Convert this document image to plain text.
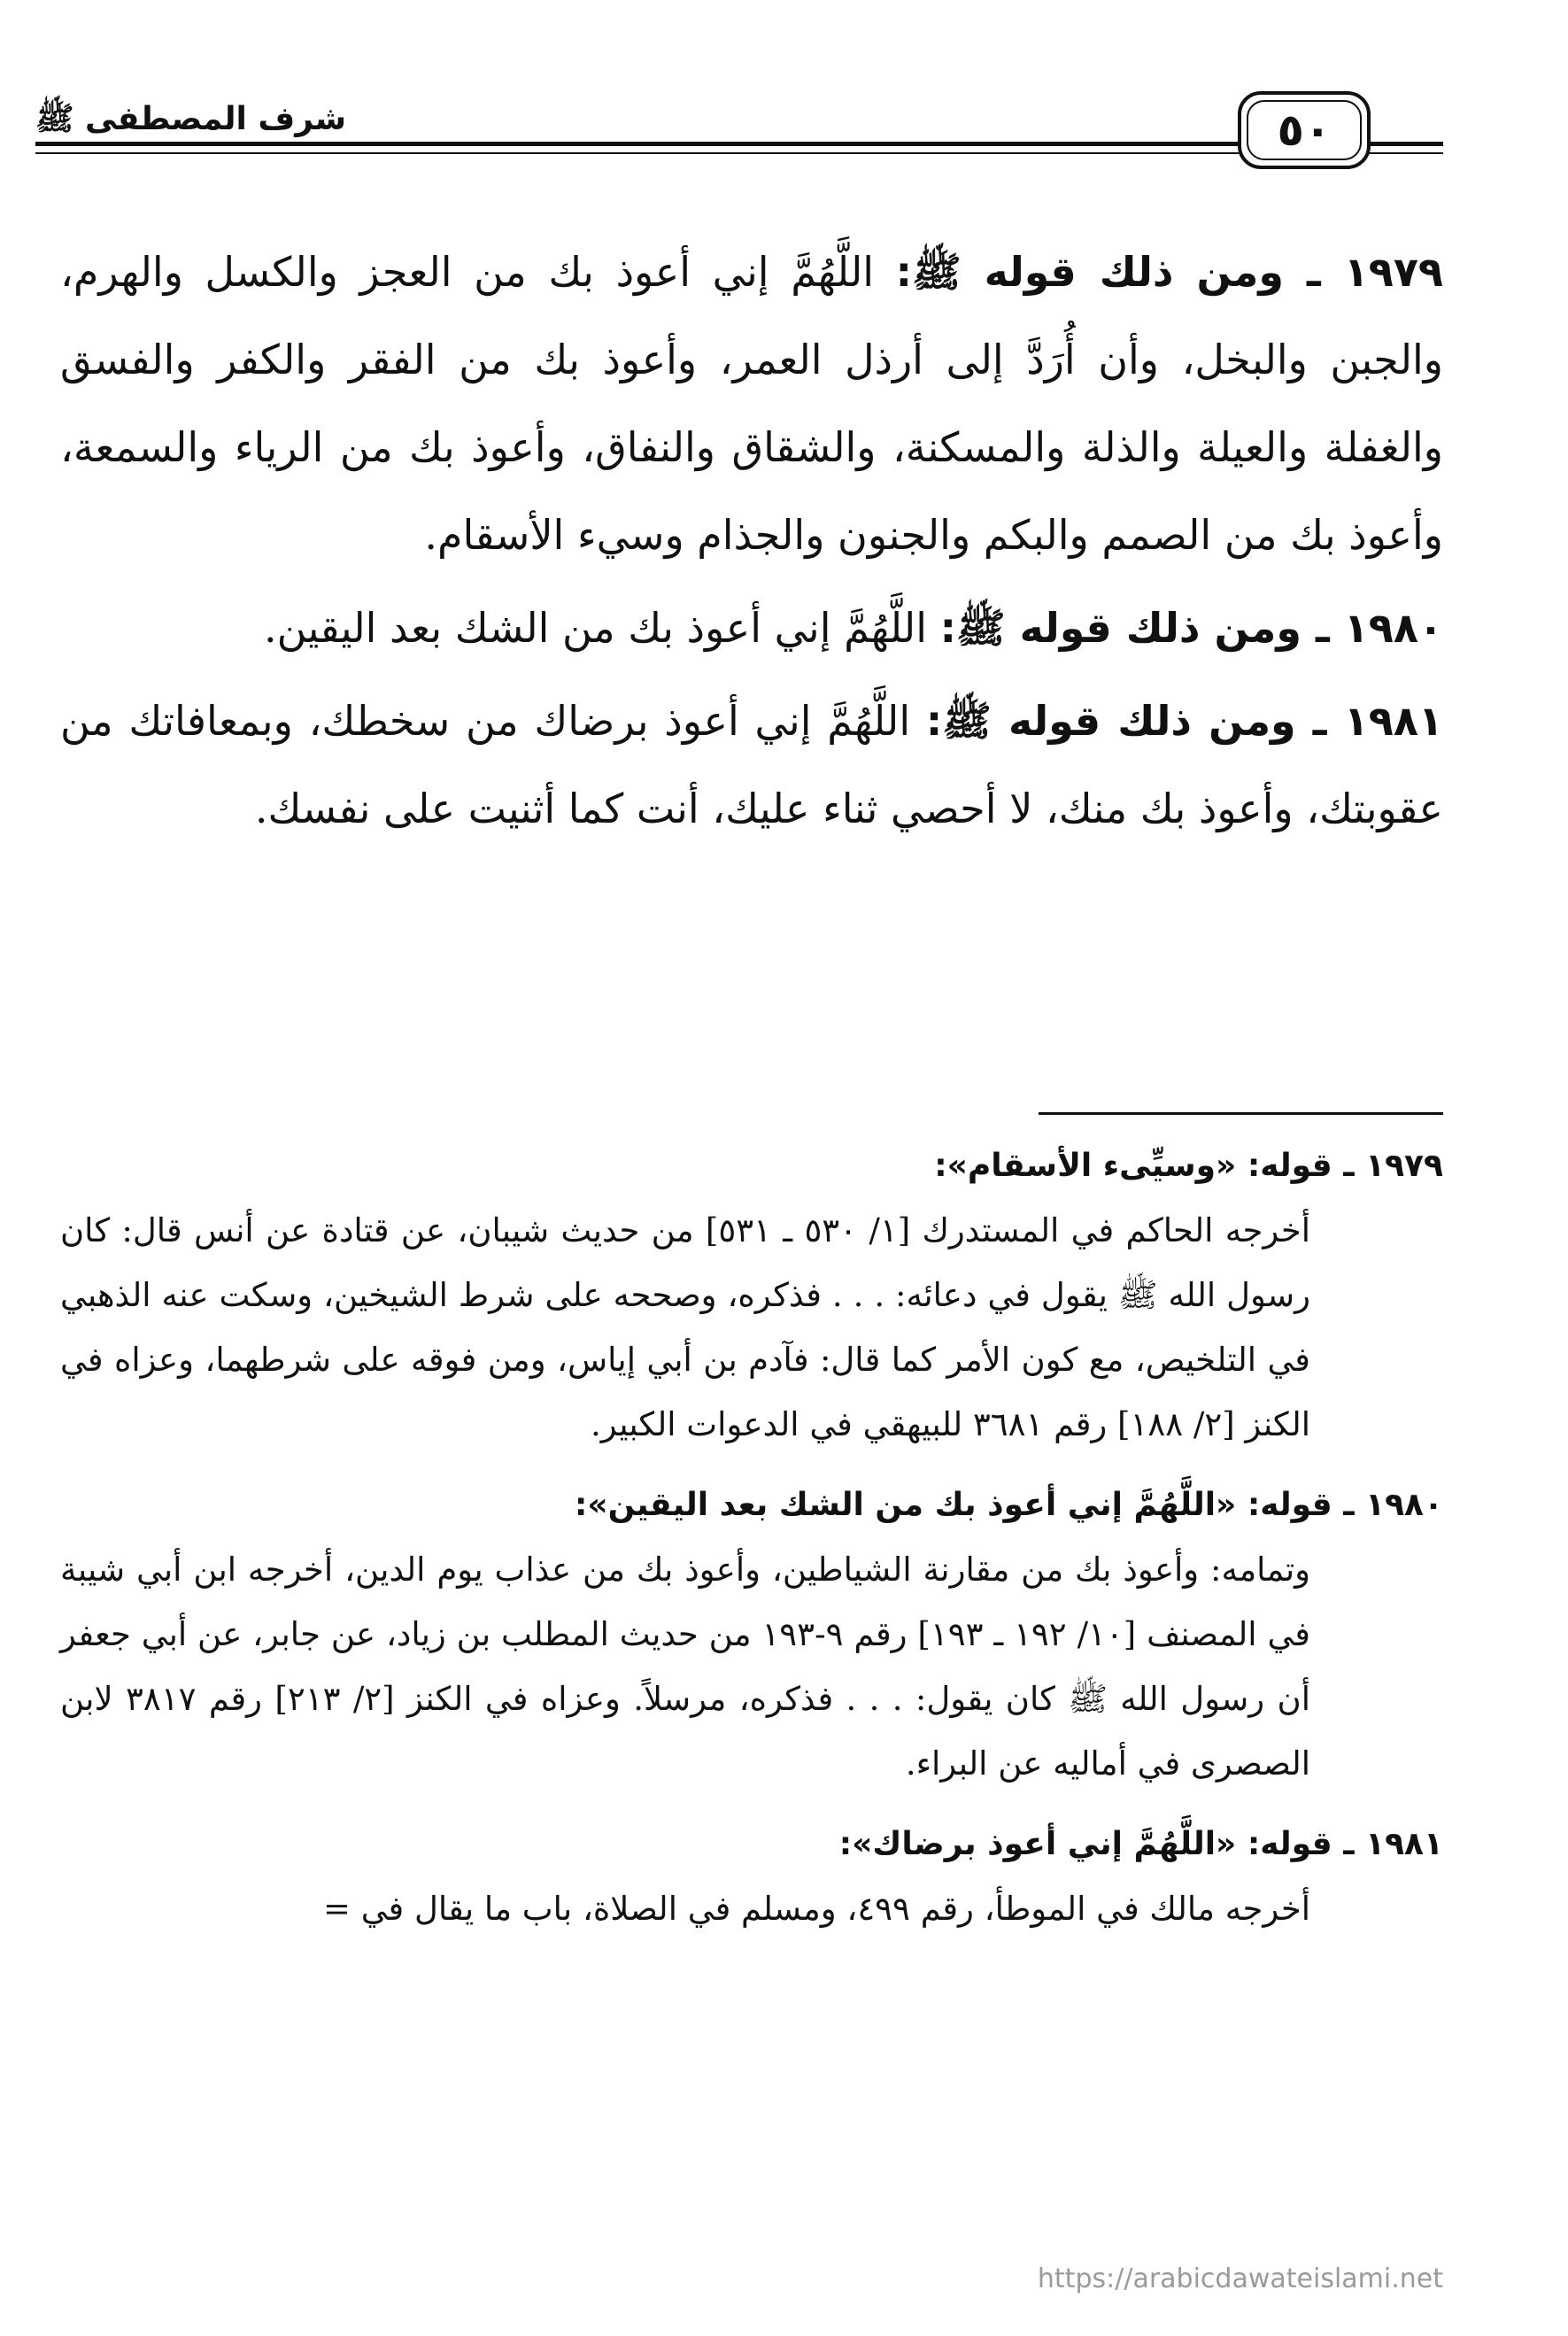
شرف المصطفى ﷺ	٥٠

١٩٧٩ ـ ومن ذلك قوله ﷺ: اللَّهُمَّ إني أعوذ بك من العجز والكسل والهرم، والجبن والبخل، وأن أُرَدَّ إلى أرذل العمر، وأعوذ بك من الفقر والكفر والفسق والغفلة والعيلة والذلة والمسكنة، والشقاق والنفاق، وأعوذ بك من الرياء والسمعة، وأعوذ بك من الصمم والبكم والجنون والجذام وسيء الأسقام.

١٩٨٠ ـ ومن ذلك قوله ﷺ: اللَّهُمَّ إني أعوذ بك من الشك بعد اليقين.

١٩٨١ ـ ومن ذلك قوله ﷺ: اللَّهُمَّ إني أعوذ برضاك من سخطك، وبمعافاتك من عقوبتك، وأعوذ بك منك، لا أحصي ثناء عليك، أنت كما أثنيت على نفسك.

١٩٧٩ ـ قوله: «وسيِّىء الأسقام»:
أخرجه الحاكم في المستدرك [١/ ٥٣٠ ـ ٥٣١] من حديث شيبان، عن قتادة عن أنس قال: كان رسول الله ﷺ يقول في دعائه: . . . فذكره، وصححه على شرط الشيخين، وسكت عنه الذهبي في التلخيص، مع كون الأمر كما قال: فآدم بن أبي إياس، ومن فوقه على شرطهما، وعزاه في الكنز [٢/ ١٨٨] رقم ٣٦٨١ للبيهقي في الدعوات الكبير.
١٩٨٠ ـ قوله: «اللَّهُمَّ إني أعوذ بك من الشك بعد اليقين»:
وتمامه: وأعوذ بك من مقارنة الشياطين، وأعوذ بك من عذاب يوم الدين، أخرجه ابن أبي شيبة في المصنف [١٠/ ١٩٢ ـ ١٩٣] رقم ٩-١٩٣ من حديث المطلب بن زياد، عن جابر، عن أبي جعفر أن رسول الله ﷺ كان يقول: . . . فذكره، مرسلاً. وعزاه في الكنز [٢/ ٢١٣] رقم ٣٨١٧ لابن الصصرى في أماليه عن البراء.
١٩٨١ ـ قوله: «اللَّهُمَّ إني أعوذ برضاك»:
أخرجه مالك في الموطأ، رقم ٤٩٩، ومسلم في الصلاة، باب ما يقال في =
https://arabicdawateislami.net
